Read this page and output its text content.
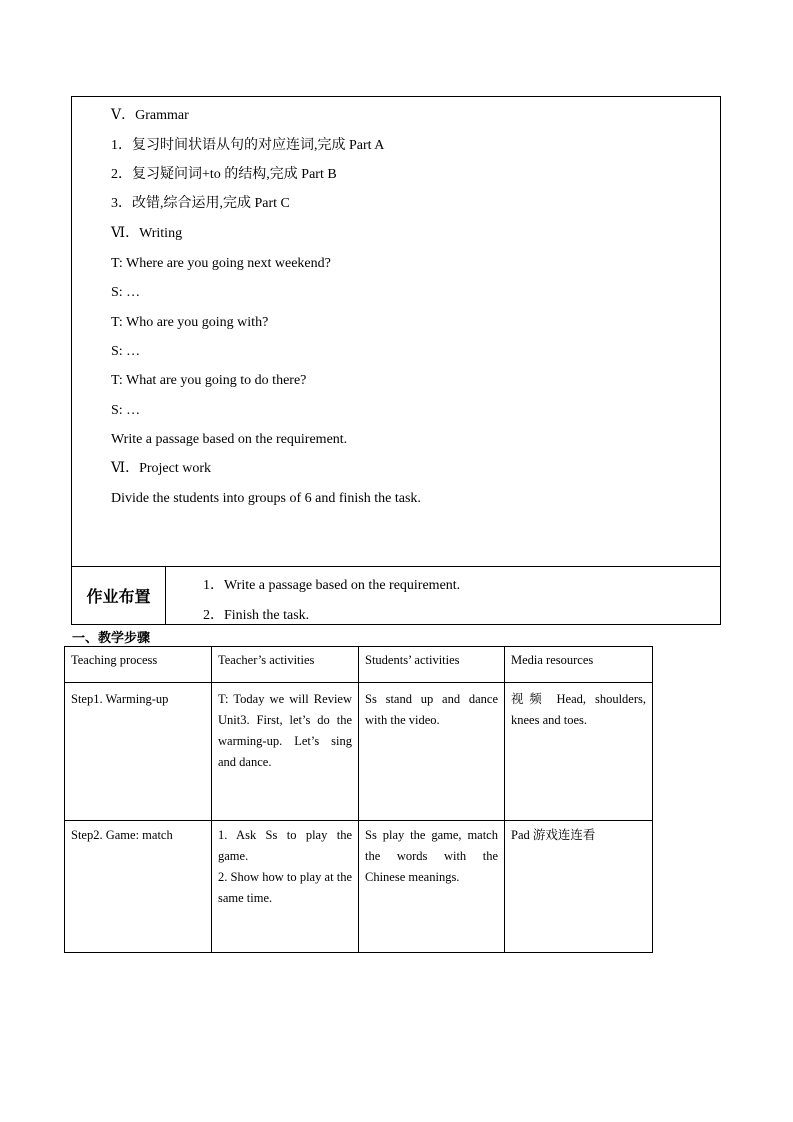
Ⅴ．Grammar
1．复习时间状语从句的对应连词,完成 Part A
2．复习疑问词+to 的结构,完成 Part B
3．改错,综合运用,完成 Part C
Ⅵ．Writing
T: Where are you going next weekend?
S: …
T: Who are you going with?
S: …
T: What are you going to do there?
S: …
Write a passage based on the requirement.
Ⅵ．Project work
Divide the students into groups of 6 and finish the task.
作业布置
1．Write a passage based on the requirement.
2．Finish the task.
一、教学步骤
Teaching process	Teacher’s activities	Students’ activities	Media resources
Step1. Warming-up	T: Today we will Review Unit3. First, let’s do the warming-up. Let’s sing and dance.	Ss stand up and dance with the video.	视频 Head, shoulders, knees and toes.
Step2. Game: match	1. Ask Ss to play the game.
2. Show how to play at the same time.	Ss play the game, match the words with the Chinese meanings.	Pad 游戏连连看
